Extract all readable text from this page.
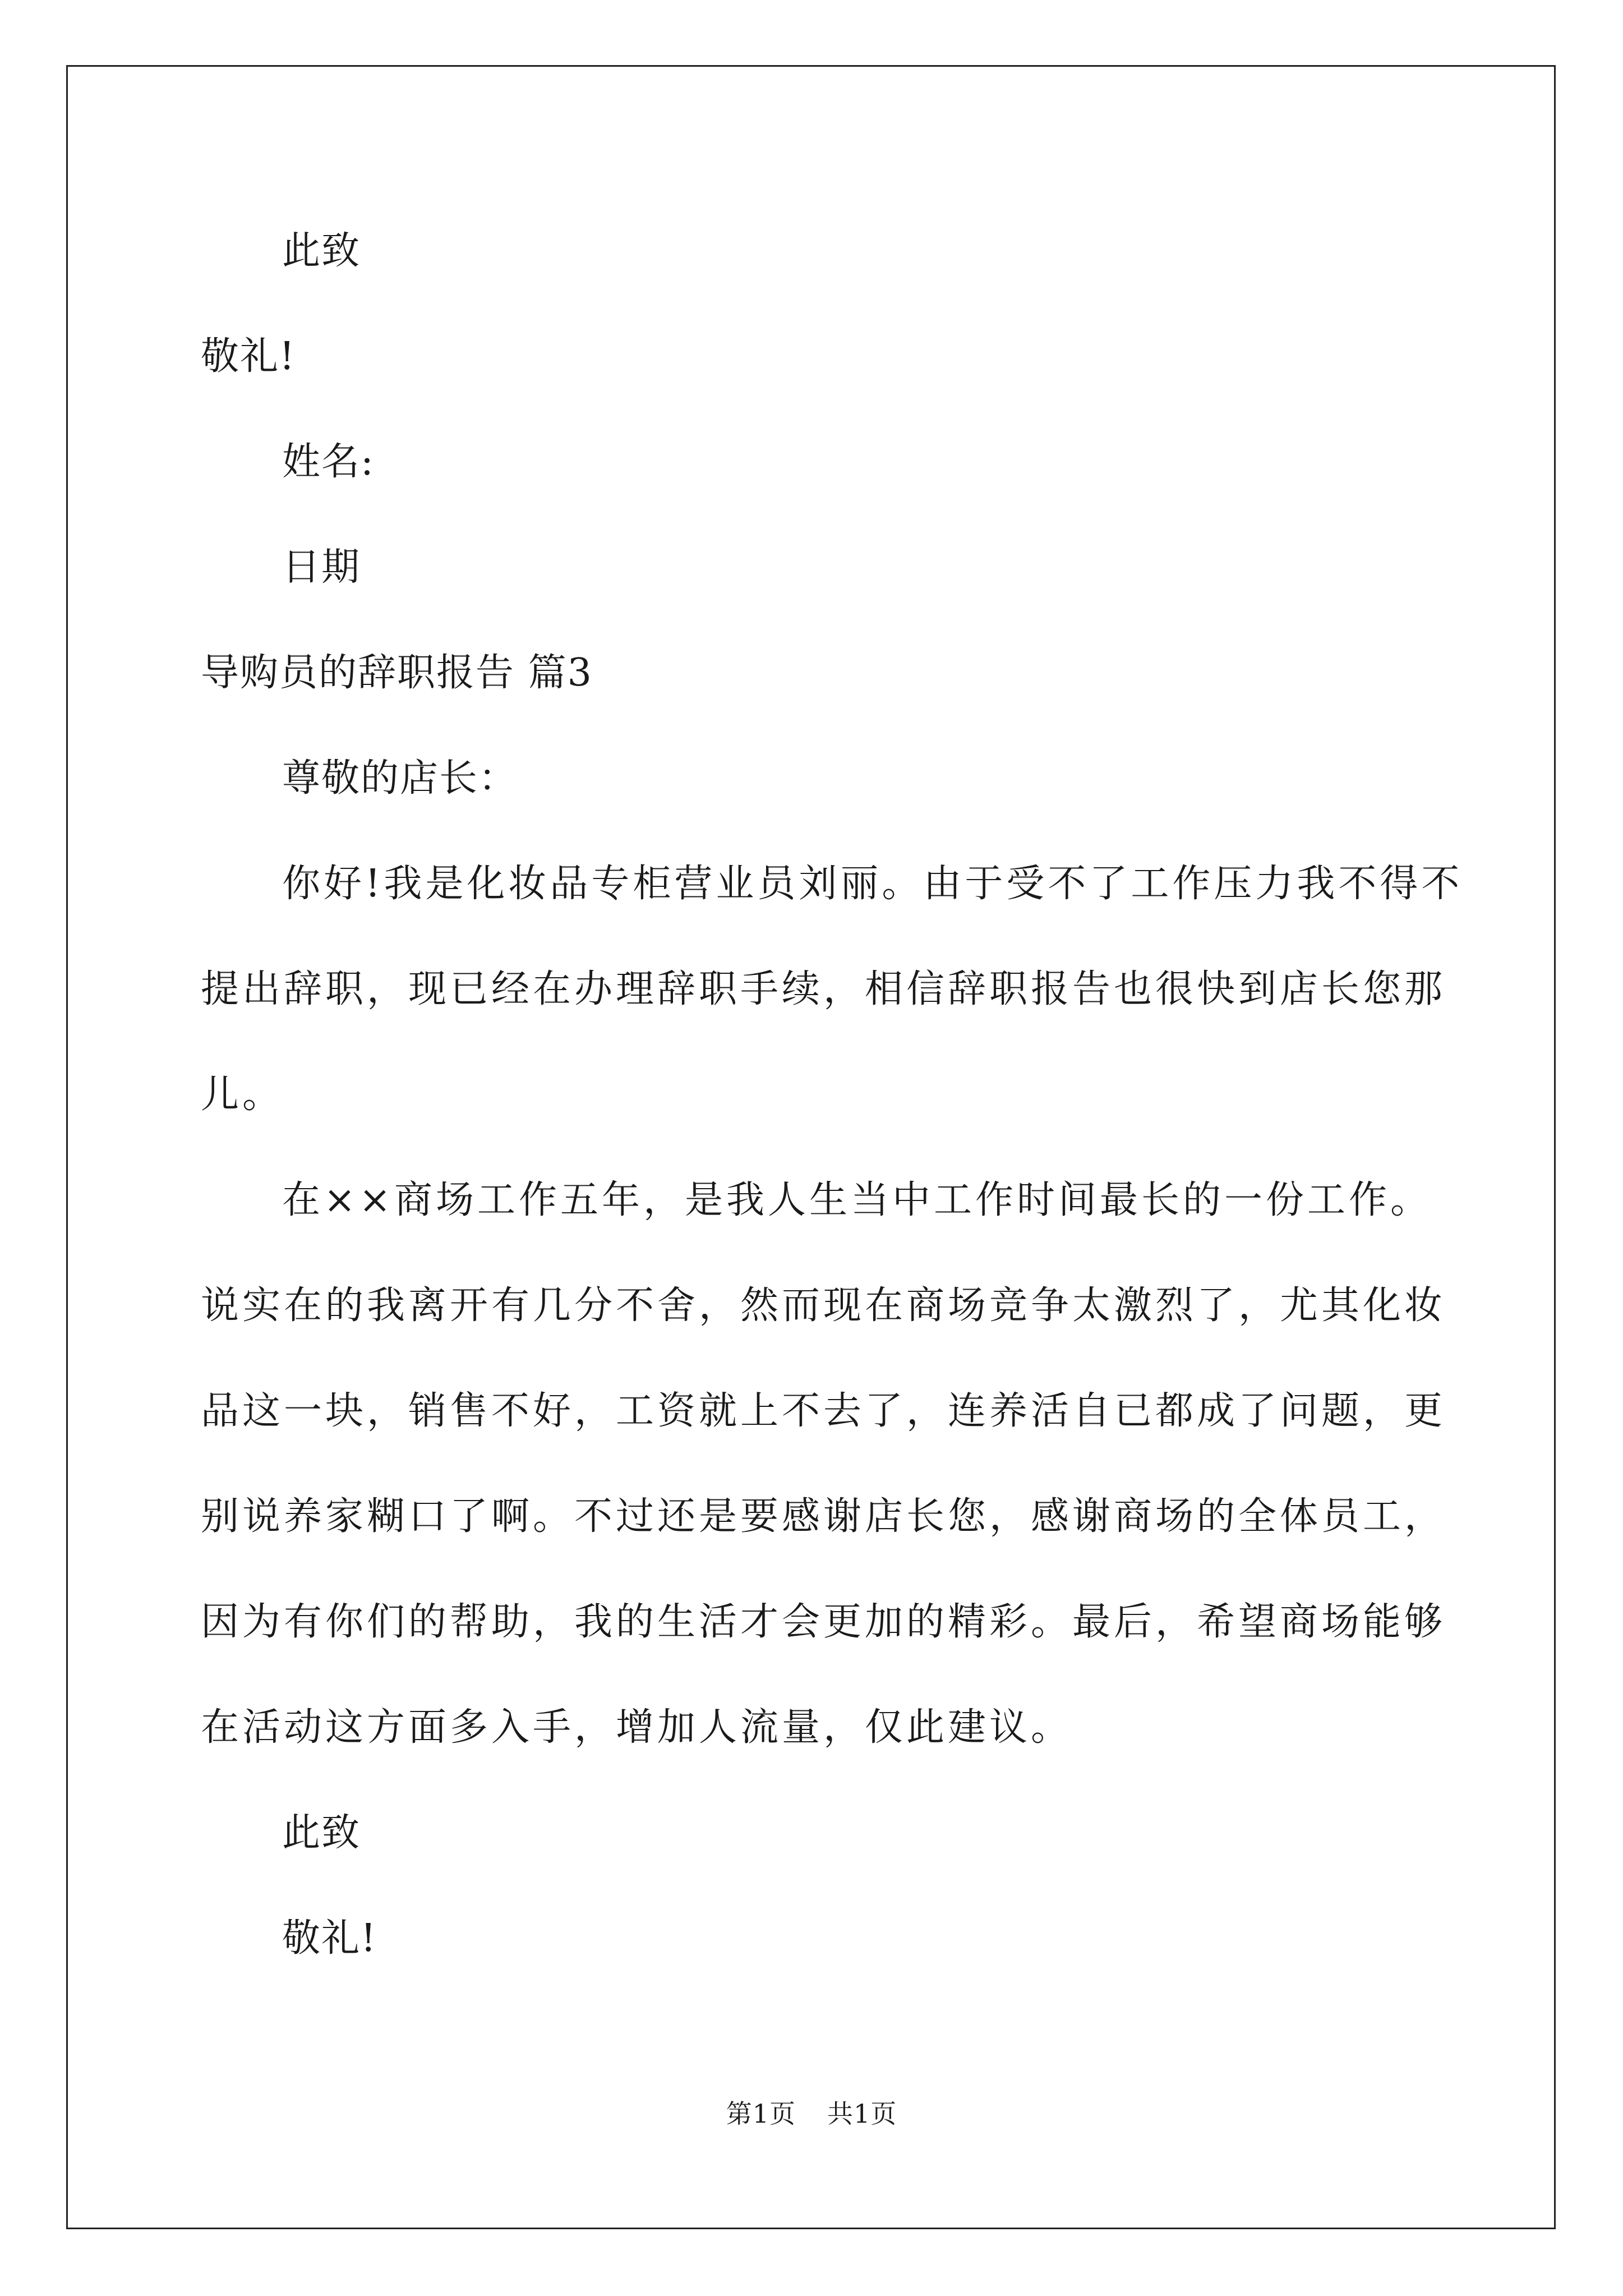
此致
敬礼!
姓名:
日期
导购员的辞职报告 篇3
尊敬的店长：
你好!我是化妆品专柜营业员刘丽。由于受不了工作压力我不得不
提出辞职，现已经在办理辞职手续，相信辞职报告也很快到店长您那
儿。
在××商场工作五年，是我人生当中工作时间最长的一份工作。
说实在的我离开有几分不舍，然而现在商场竞争太激烈了，尤其化妆
品这一块，销售不好，工资就上不去了，连养活自已都成了问题，更
别说养家糊口了啊。不过还是要感谢店长您，感谢商场的全体员工，
因为有你们的帮助，我的生活才会更加的精彩。最后，希望商场能够
在活动这方面多入手，增加人流量，仅此建议。
此致
敬礼!
第1页 共1页
